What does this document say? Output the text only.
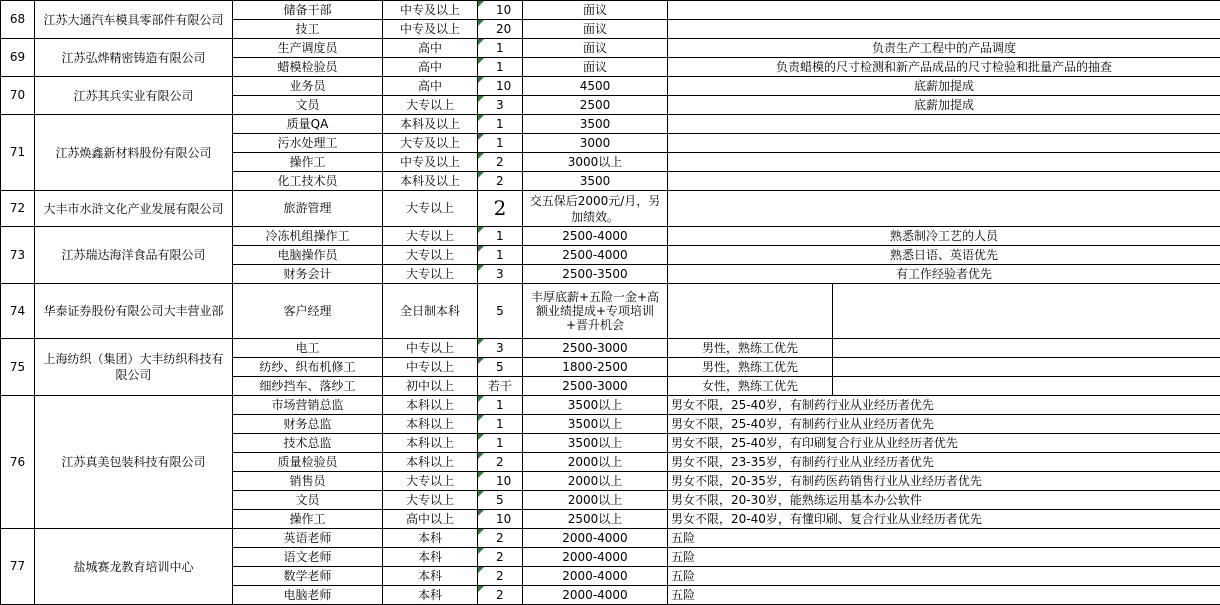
68	江苏大通汽车模具零部件有限公司	储备干部	中专及以上	10	面议		
		技工	中专及以上	20	面议		
69	江苏弘烨精密铸造有限公司	生产调度员	高中	1	面议	负责生产工程中的产品调度	
		蜡模检验员	高中	1	面议	负责蜡模的尺寸检测和新产品成品的尺寸检验和批量产品的抽查	
70	江苏其兵实业有限公司	业务员	高中	10	4500	底薪加提成	
		文员	大专以上	3	2500	底薪加提成	
71	江苏焕鑫新材料股份有限公司	质量QA	本科及以上	1	3500		
		污水处理工	大专及以上	1	3000		
		操作工	中专及以上	2	3000以上		
		化工技术员	本科及以上	2	3500		
72	大丰市水浒文化产业发展有限公司	旅游管理	大专以上	2	交五保后2000元/月，另加绩效。		
73	江苏瑞达海洋食品有限公司	冷冻机组操作工	大专以上	1	2500-4000	熟悉制冷工艺的人员	
		电脑操作员	大专以上	1	2500-4000	熟悉日语、英语优先	
		财务会计	大专以上	3	2500-3500	有工作经验者优先	
74	华泰证券股份有限公司大丰营业部	客户经理	全日制本科	5	丰厚底薪+五险一金+高额业绩提成+专项培训+晋升机会		
75	上海纺织（集团）大丰纺织科技有限公司	电工	中专以上	3	2500-3000	男性，熟练工优先	
		纺纱、织布机修工	中专以上	5	1800-2500	男性，熟练工优先	
		细纱挡车、落纱工	初中以上	若干	2500-3000	女性，熟练工优先	
76	江苏真美包装科技有限公司	市场营销总监	本科以上	1	3500以上	男女不限，25-40岁，有制药行业从业经历者优先	
		财务总监	本科以上	1	3500以上	男女不限，25-40岁，有制药行业从业经历者优先	
		技术总监	本科以上	1	3500以上	男女不限，25-40岁，有印刷复合行业从业经历者优先	
		质量检验员	本科以上	2	2000以上	男女不限，23-35岁，有制药行业从业经历者优先	
		销售员	大专以上	10	2000以上	男女不限，20-35岁，有制药医药销售行业从业经历者优先	
		文员	大专以上	5	2000以上	男女不限，20-30岁，能熟练运用基本办公软件	
		操作工	高中以上	10	2500以上	男女不限，20-40岁，有懂印刷、复合行业从业经历者优先	
77	盐城赛龙教育培训中心	英语老师	本科	2	2000-4000	五险	
		语文老师	本科	2	2000-4000	五险	
		数学老师	本科	2	2000-4000	五险	
		电脑老师	本科	2	2000-4000	五险	
